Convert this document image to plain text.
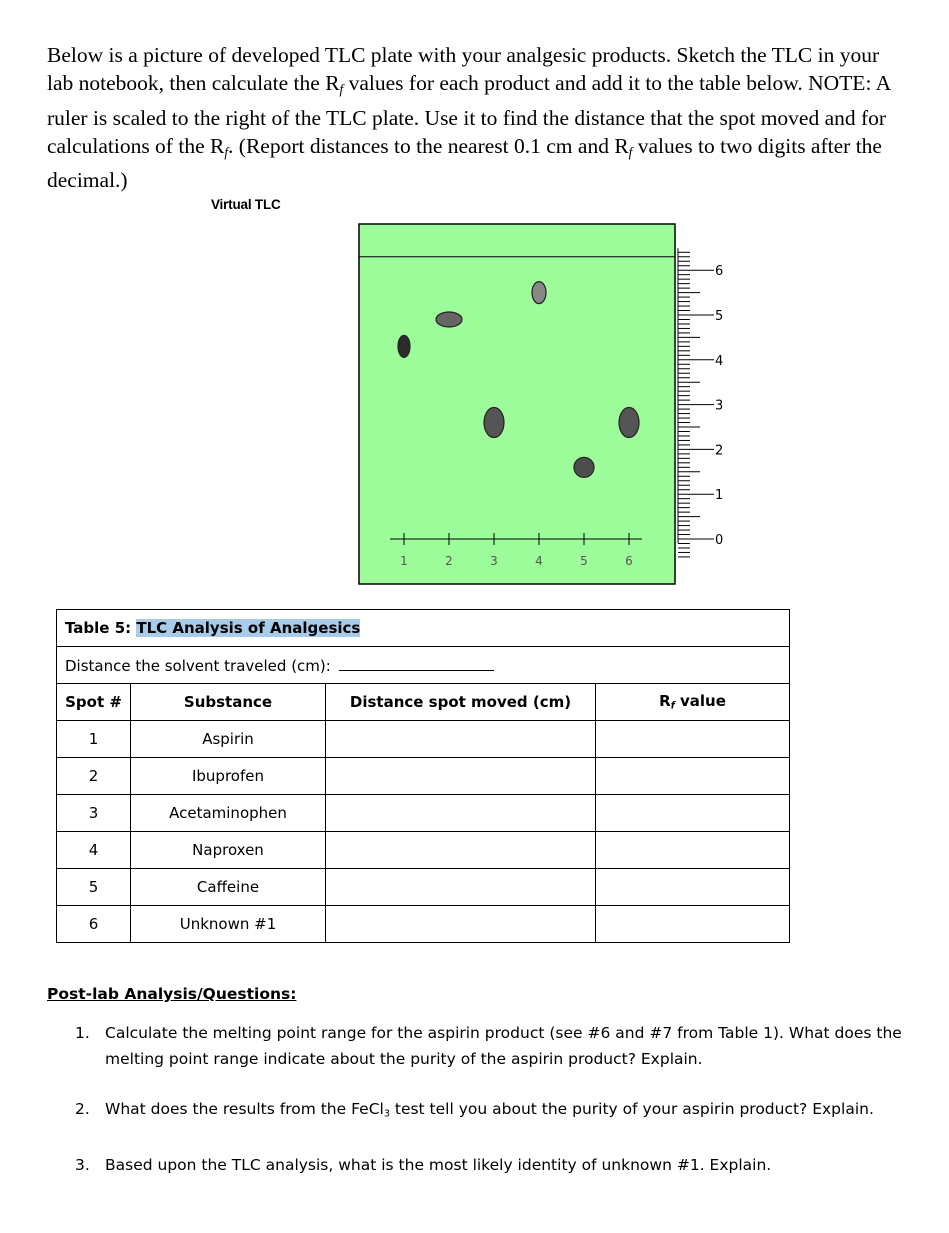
Below is a picture of developed TLC plate with your analgesic products. Sketch the TLC in your lab notebook, then calculate the $R_f$ values for each product and add it to the table below. NOTE: A ruler is scaled to the right of the TLC plate. Use it to find the distance that the spot moved and for calculations of the $R_f$. (Report distances to the nearest 0.1 cm and $R_f$ values to two digits after the decimal.)

Virtual TLC
1	2	3	4	5	6
0
1
2
3
4
5
6
Table 5: TLC Analysis of Analgesics			
Distance the solvent traveled (cm):			
Spot #	Substance	Distance spot moved (cm)	$R_f$ value
1	Aspirin		
2	Ibuprofen		
3	Acetaminophen		
4	Naproxen		
5	Caffeine		
6	Unknown #1		
Post-lab Analysis/Questions:
1. Calculate the melting point range for the aspirin product (see #6 and #7 from Table 1). What does the melting point range indicate about the purity of the aspirin product? Explain.
2. What does the results from the FeCl$_3$ test tell you about the purity of your aspirin product? Explain.
3. Based upon the TLC analysis, what is the most likely identity of unknown #1. Explain.
